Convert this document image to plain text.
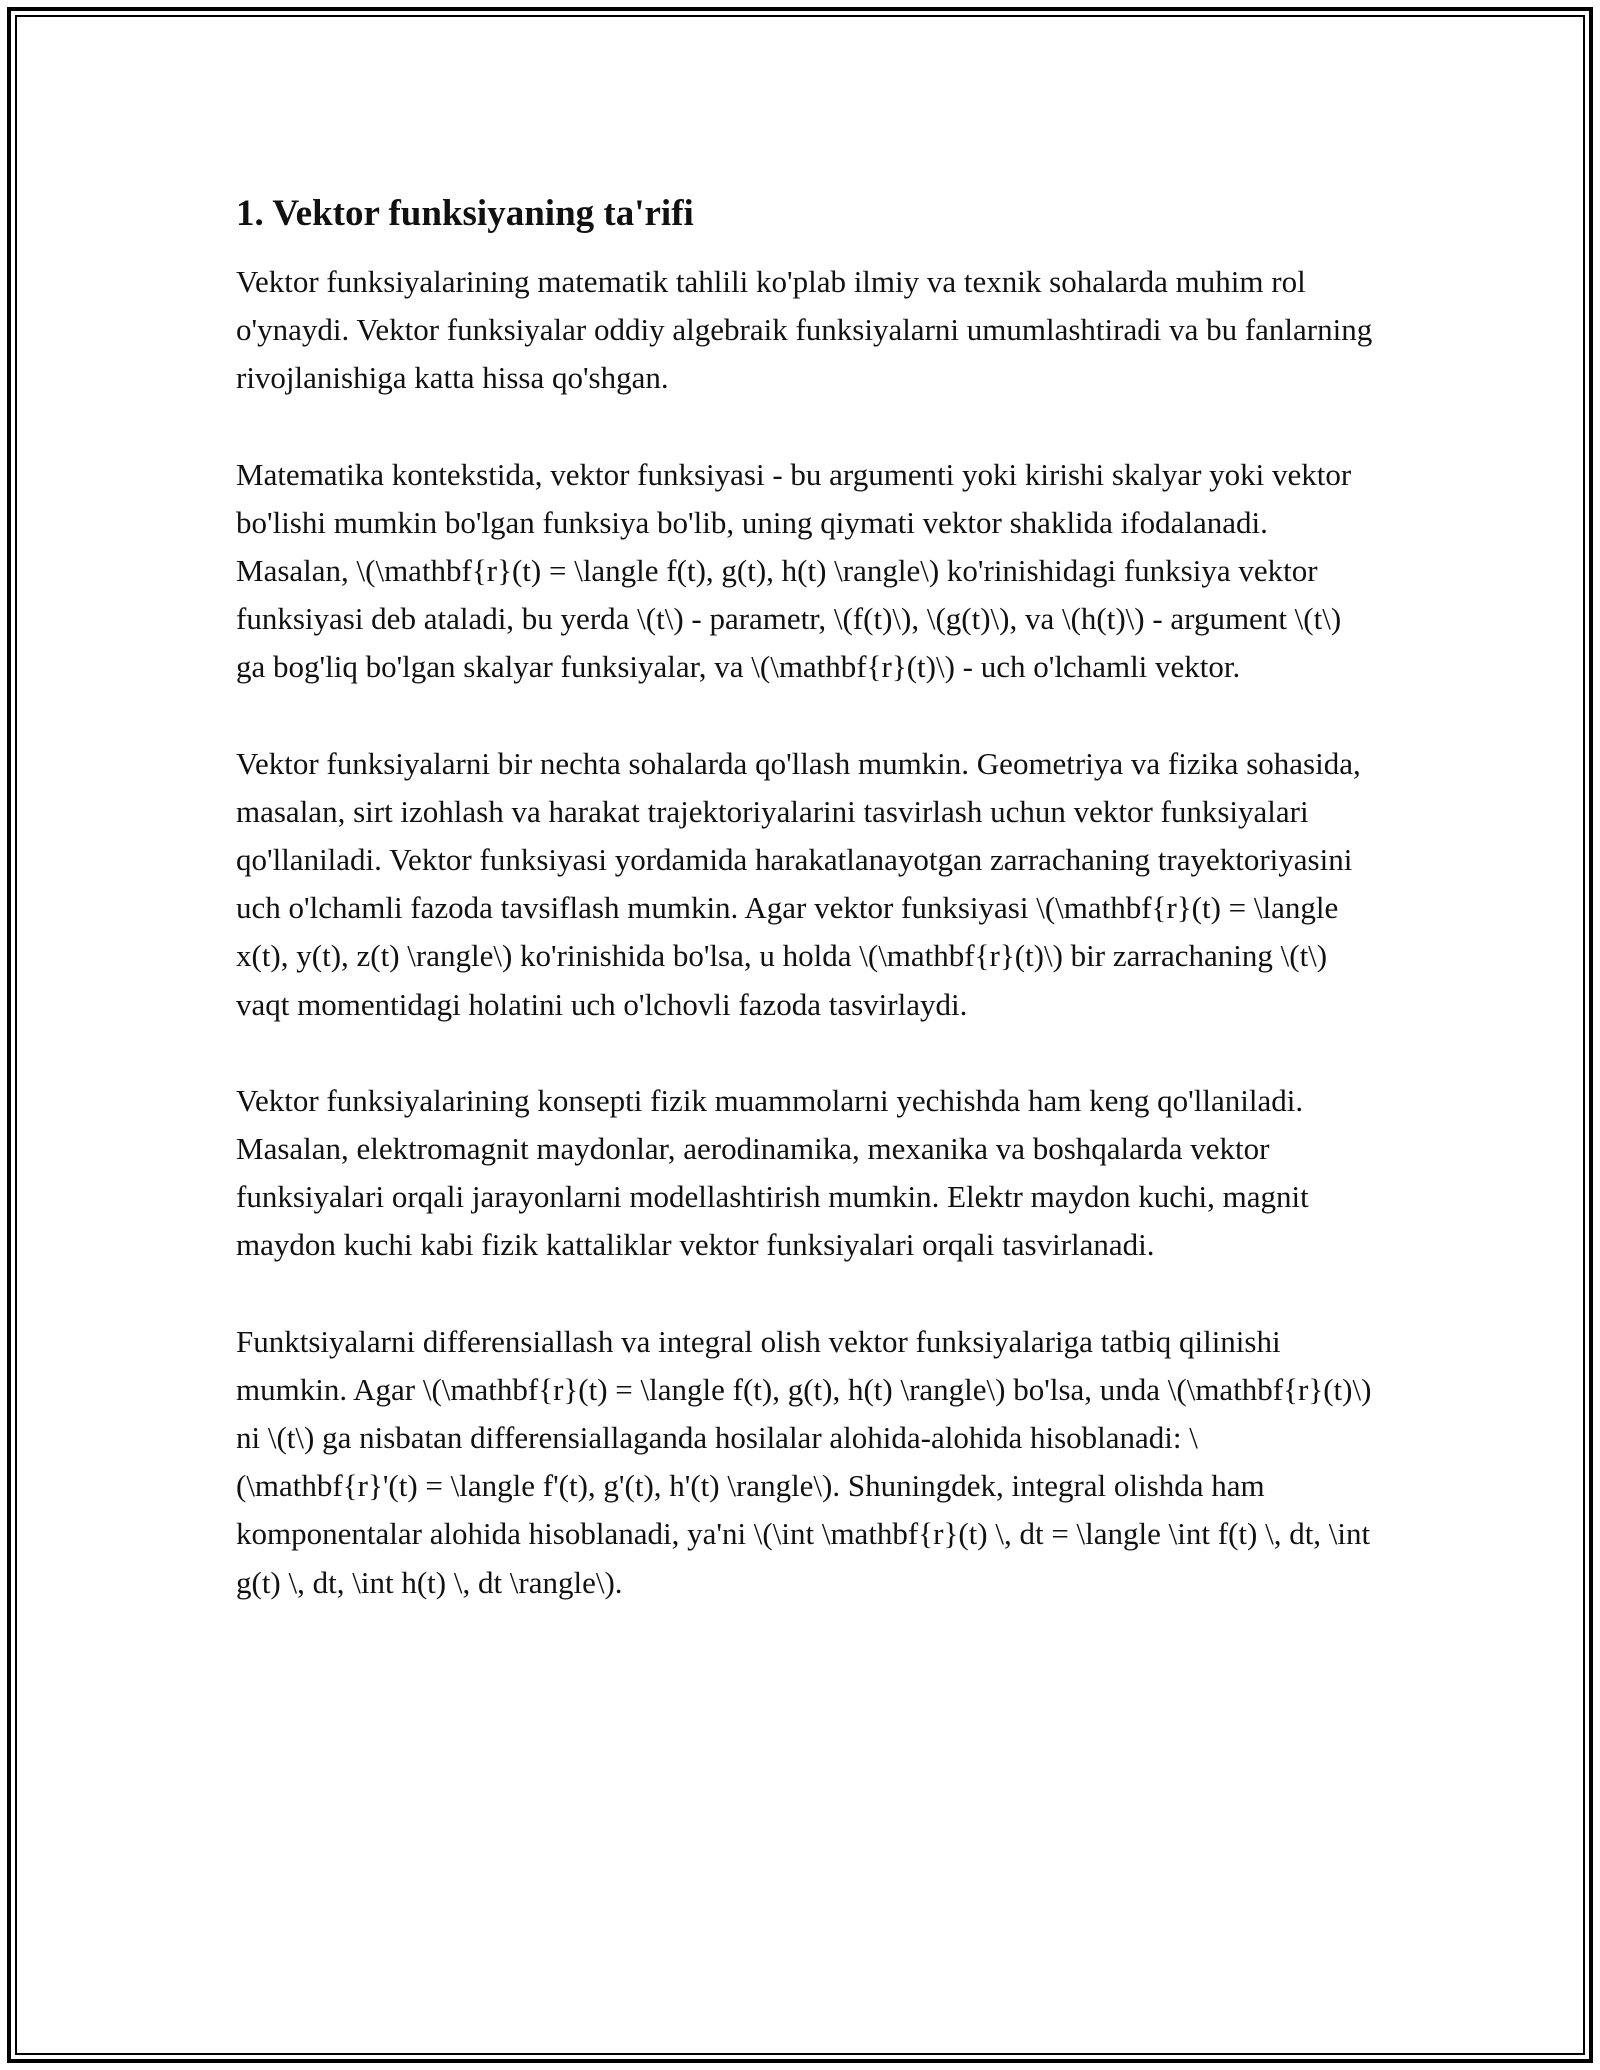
1. Vektor funksiyaning ta'rifi

Vektor funksiyalarining matematik tahlili ko'plab ilmiy va texnik sohalarda muhim rol o'ynaydi. Vektor funksiyalar oddiy algebraik funksiyalarni umumlashtiradi va bu fanlarning rivojlanishiga katta hissa qo'shgan.

Matematika kontekstida, vektor funksiyasi - bu argumenti yoki kirishi skalyar yoki vektor bo'lishi mumkin bo'lgan funksiya bo'lib, uning qiymati vektor shaklida ifodalanadi. Masalan, \(\mathbf{r}(t) = \langle f(t), g(t), h(t) \rangle\) ko'rinishidagi funksiya vektor funksiyasi deb ataladi, bu yerda \(t\) - parametr, \(f(t)\), \(g(t)\), va \(h(t)\) - argument \(t\) ga bog'liq bo'lgan skalyar funksiyalar, va \(\mathbf{r}(t)\) - uch o'lchamli vektor.

Vektor funksiyalarni bir nechta sohalarda qo'llash mumkin. Geometriya va fizika sohasida, masalan, sirt izohlash va harakat trajektoriyalarini tasvirlash uchun vektor funksiyalari qo'llaniladi. Vektor funksiyasi yordamida harakatlanayotgan zarrachaning trayektoriyasini uch o'lchamli fazoda tavsiflash mumkin. Agar vektor funksiyasi \(\mathbf{r}(t) = \langle x(t), y(t), z(t) \rangle\) ko'rinishida bo'lsa, u holda \(\mathbf{r}(t)\) bir zarrachaning \(t\) vaqt momentidagi holatini uch o'lchovli fazoda tasvirlaydi.

Vektor funksiyalarining konsepti fizik muammolarni yechishda ham keng qo'llaniladi. Masalan, elektromagnit maydonlar, aerodinamika, mexanika va boshqalarda vektor funksiyalari orqali jarayonlarni modellashtirish mumkin. Elektr maydon kuchi, magnit maydon kuchi kabi fizik kattaliklar vektor funksiyalari orqali tasvirlanadi.

Funktsiyalarni differensiallash va integral olish vektor funksiyalariga tatbiq qilinishi mumkin. Agar \(\mathbf{r}(t) = \langle f(t), g(t), h(t) \rangle\) bo'lsa, unda \(\mathbf{r}(t)\) ni \(t\) ga nisbatan differensiallaganda hosilalar alohida-alohida hisoblanadi: \(\mathbf{r}'(t) = \langle f'(t), g'(t), h'(t) \rangle\). Shuningdek, integral olishda ham komponentalar alohida hisoblanadi, ya'ni \(\int \mathbf{r}(t) \, dt = \langle \int f(t) \, dt, \int g(t) \, dt, \int h(t) \, dt \rangle\).
